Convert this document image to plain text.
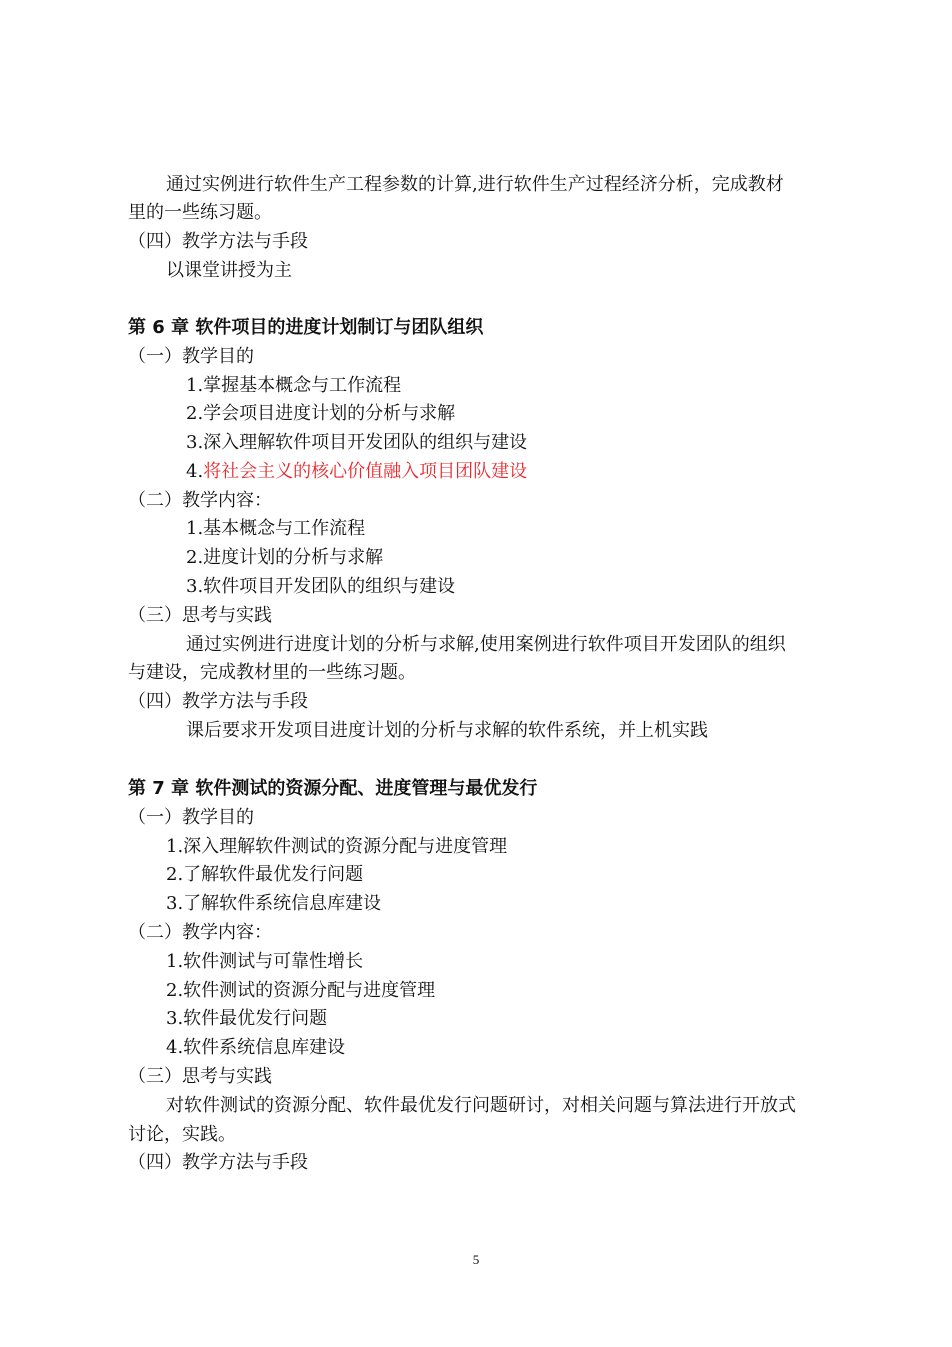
通过实例进行软件生产工程参数的计算,进行软件生产过程经济分析，完成教材
里的一些练习题。
（四）教学方法与手段
以课堂讲授为主
第 6 章 软件项目的进度计划制订与团队组织
（一）教学目的
1.掌握基本概念与工作流程
2.学会项目进度计划的分析与求解
3.深入理解软件项目开发团队的组织与建设
4.将社会主义的核心价值融入项目团队建设
（二）教学内容：
1.基本概念与工作流程
2.进度计划的分析与求解
3.软件项目开发团队的组织与建设
（三）思考与实践
通过实例进行进度计划的分析与求解,使用案例进行软件项目开发团队的组织
与建设，完成教材里的一些练习题。
（四）教学方法与手段
课后要求开发项目进度计划的分析与求解的软件系统，并上机实践
第 7 章 软件测试的资源分配、进度管理与最优发行
（一）教学目的
1.深入理解软件测试的资源分配与进度管理
2.了解软件最优发行问题
3.了解软件系统信息库建设
（二）教学内容：
1.软件测试与可靠性增长
2.软件测试的资源分配与进度管理
3.软件最优发行问题
4.软件系统信息库建设
（三）思考与实践
对软件测试的资源分配、软件最优发行问题研讨，对相关问题与算法进行开放式
讨论，实践。
（四）教学方法与手段
5
